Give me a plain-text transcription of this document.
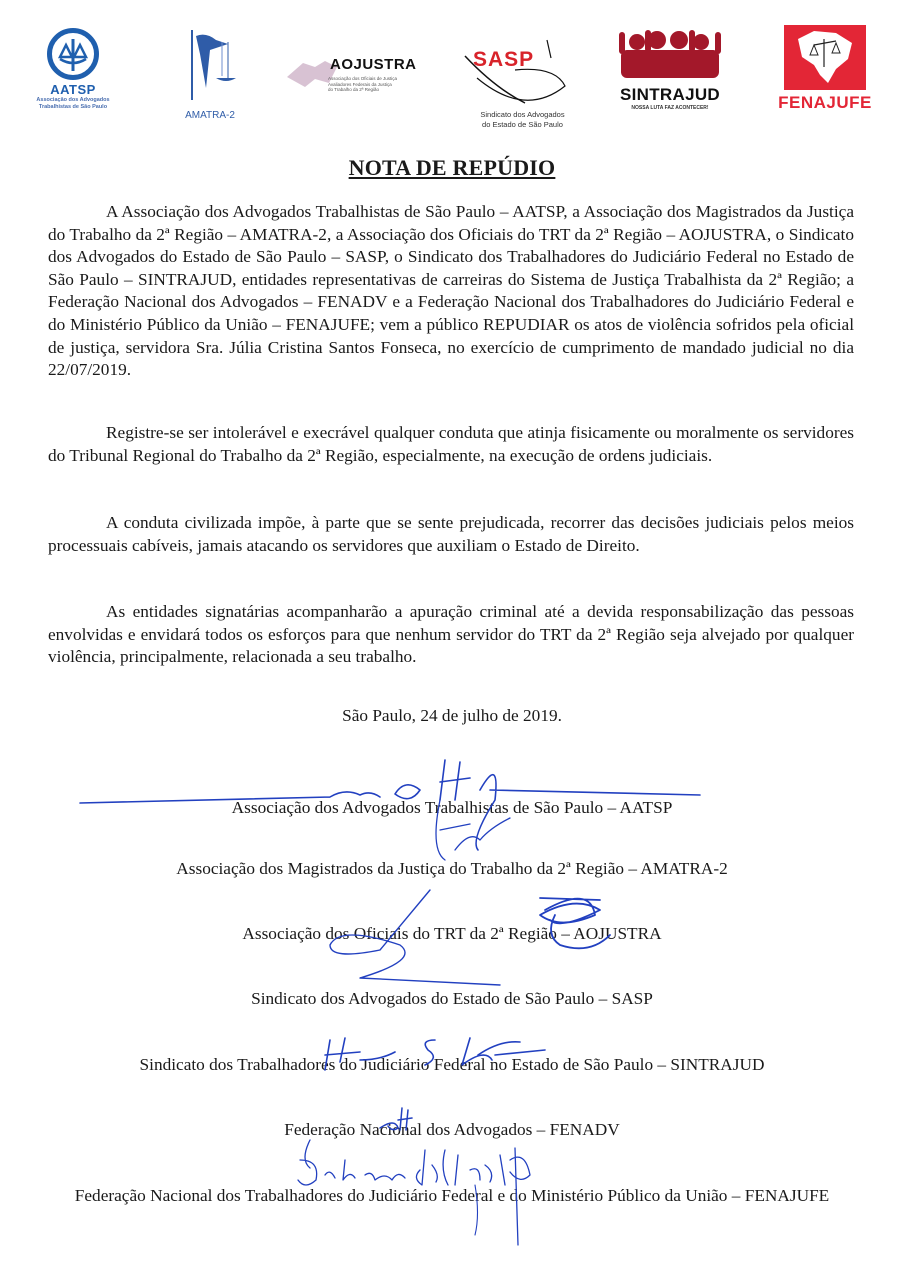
AATSP
Associação dos Advogados
Trabalhistas de São Paulo
AMATRA-2
AOJUSTRA
Associação dos Oficiais de Justiça
Avaliadores Federais da Justiça
do Trabalho da 2ª Região
SASP
Sindicato dos Advogados
do Estado de São Paulo
SINTRAJUD
NOSSA LUTA FAZ ACONTECER!	FENAJUFE
NOTA DE REPÚDIO

A Associação dos Advogados Trabalhistas de São Paulo – AATSP, a Associação dos Magistrados da Justiça do Trabalho da 2ª Região – AMATRA-2, a Associação dos Oficiais do TRT da 2ª Região – AOJUSTRA, o Sindicato dos Advogados do Estado de São Paulo – SASP, o Sindicato dos Trabalhadores do Judiciário Federal no Estado de São Paulo – SINTRAJUD, entidades representativas de carreiras do Sistema de Justiça Trabalhista da 2ª Região; a Federação Nacional dos Advogados – FENADV e a Federação Nacional dos Trabalhadores do Judiciário Federal e do Ministério Público da União – FENAJUFE; vem a público REPUDIAR os atos de violência sofridos pela oficial de justiça, servidora Sra. Júlia Cristina Santos Fonseca, no exercício de cumprimento de mandado judicial no dia 22/07/2019.

Registre-se ser intolerável e execrável qualquer conduta que atinja fisicamente ou moralmente os servidores do Tribunal Regional do Trabalho da 2ª Região, especialmente, na execução de ordens judiciais.

A conduta civilizada impõe, à parte que se sente prejudicada, recorrer das decisões judiciais pelos meios processuais cabíveis, jamais atacando os servidores que auxiliam o Estado de Direito.

As entidades signatárias acompanharão a apuração criminal até a devida responsabilização das pessoas envolvidas e envidará todos os esforços para que nenhum servidor do TRT da 2ª Região seja alvejado por qualquer violência, principalmente, relacionada a seu trabalho.

São Paulo, 24 de julho de 2019.
Associação dos Advogados Trabalhistas de São Paulo – AATSP
Associação dos Magistrados da Justiça do Trabalho da 2ª Região – AMATRA-2
Associação dos Oficiais do TRT da 2ª Região – AOJUSTRA
Sindicato dos Advogados do Estado de São Paulo – SASP
Sindicato dos Trabalhadores do Judiciário Federal no Estado de São Paulo – SINTRAJUD
Federação Nacional dos Advogados – FENADV
Federação Nacional dos Trabalhadores do Judiciário Federal e do Ministério Público da União – FENAJUFE
